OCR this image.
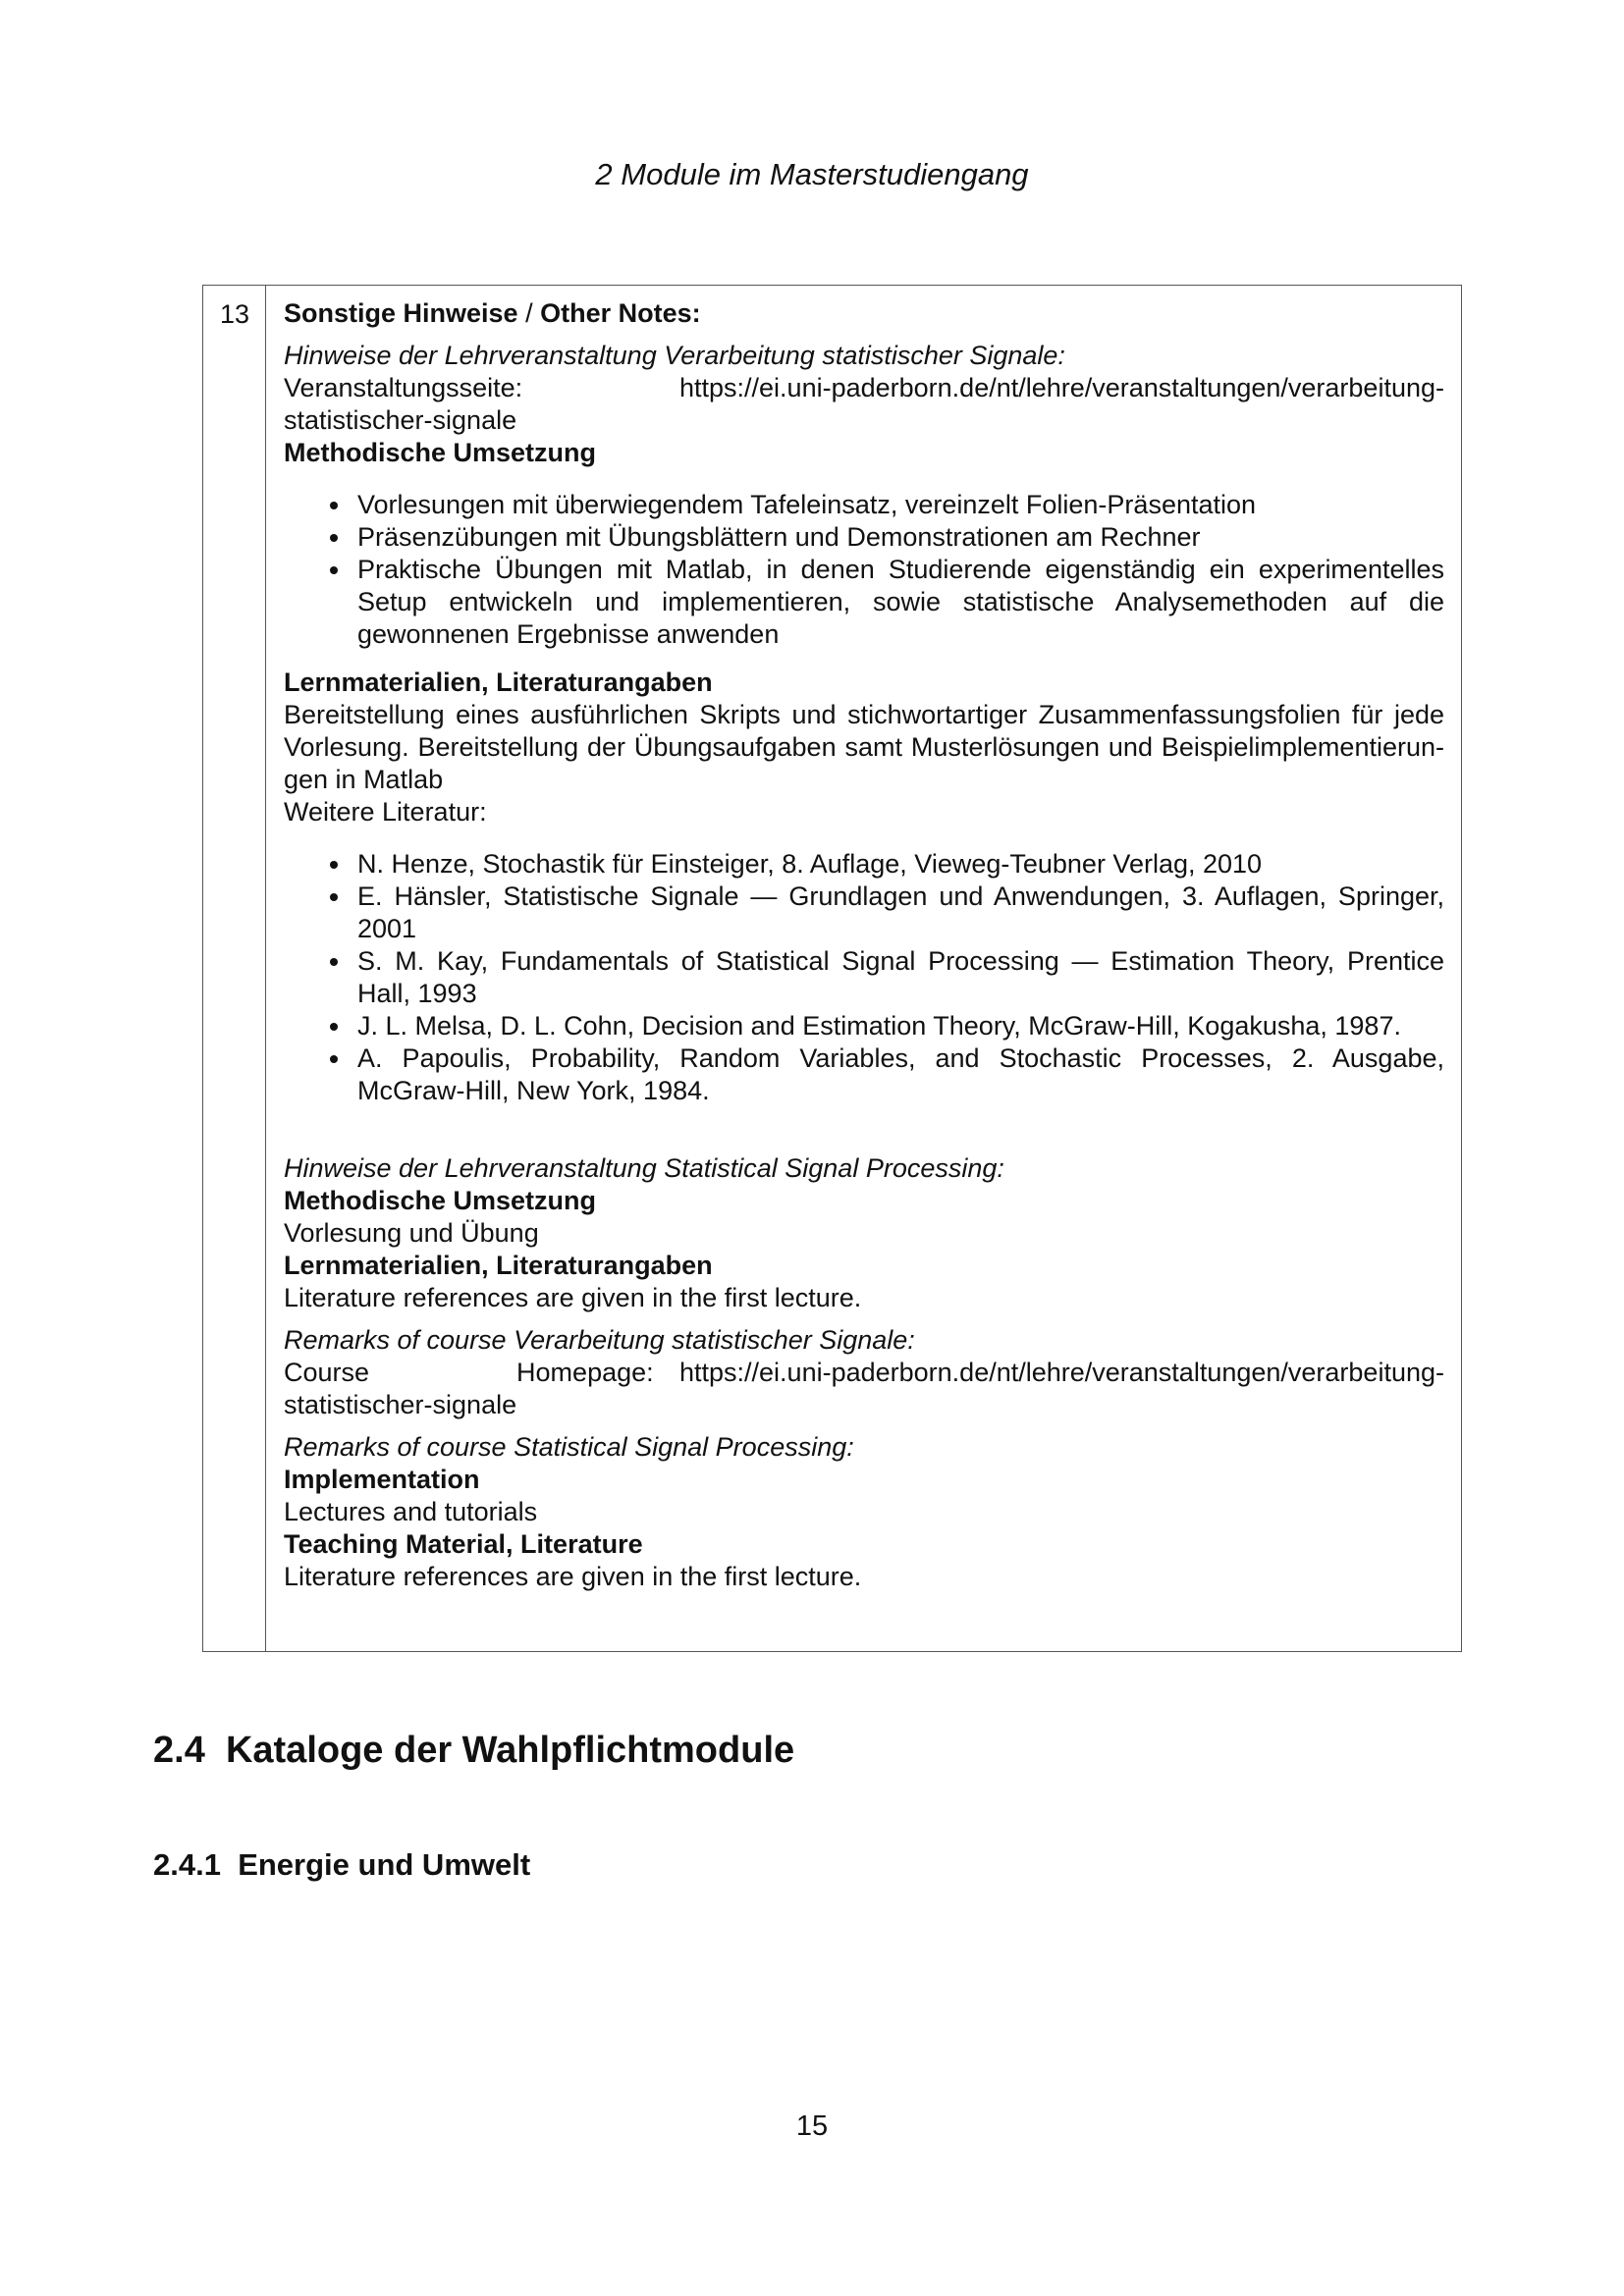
2 Module im Masterstudiengang
13	Sonstige Hinweise / Other Notes:
Hinweise der Lehrveranstaltung Verarbeitung statistischer Signale:
Veranstaltungsseite:	https://ei.uni-paderborn.de/nt/lehre/veranstaltungen/verarbeitung-
statistischer-signale
Methodische Umsetzung
Vorlesungen mit überwiegendem Tafeleinsatz, vereinzelt Folien-Präsentation
Präsenzübungen mit Übungsblättern und Demonstrationen am Rechner
Praktische Übungen mit Matlab, in denen Studierende eigenständig ein experimentelles Setup entwickeln und implementieren, sowie statistische Analysemethoden auf die gewonnenen Ergebnisse anwenden
Lernmaterialien, Literaturangaben
Bereitstellung eines ausführlichen Skripts und stichwortartiger Zusammenfassungsfolien für jede Vorlesung. Bereitstellung der Übungsaufgaben samt Musterlösungen und Beispielimplementierun-gen in Matlab
Weitere Literatur:
N. Henze, Stochastik für Einsteiger, 8. Auflage, Vieweg-Teubner Verlag, 2010
E. Hänsler, Statistische Signale — Grundlagen und Anwendungen, 3. Auflagen, Springer, 2001
S. M. Kay, Fundamentals of Statistical Signal Processing — Estimation Theory, Prentice Hall, 1993
J. L. Melsa, D. L. Cohn, Decision and Estimation Theory, McGraw-Hill, Kogakusha, 1987.
A. Papoulis, Probability, Random Variables, and Stochastic Processes, 2. Ausgabe, McGraw-Hill, New York, 1984.
Hinweise der Lehrveranstaltung Statistical Signal Processing:
Methodische Umsetzung
Vorlesung und Übung
Lernmaterialien, Literaturangaben
Literature references are given in the first lecture.
Remarks of course Verarbeitung statistischer Signale:
Course	Homepage: https://ei.uni-paderborn.de/nt/lehre/veranstaltungen/verarbeitung-
statistischer-signale
Remarks of course Statistical Signal Processing:
Implementation
Lectures and tutorials
Teaching Material, Literature
Literature references are given in the first lecture.
2.4 Kataloge der Wahlpflichtmodule
2.4.1 Energie und Umwelt
15
